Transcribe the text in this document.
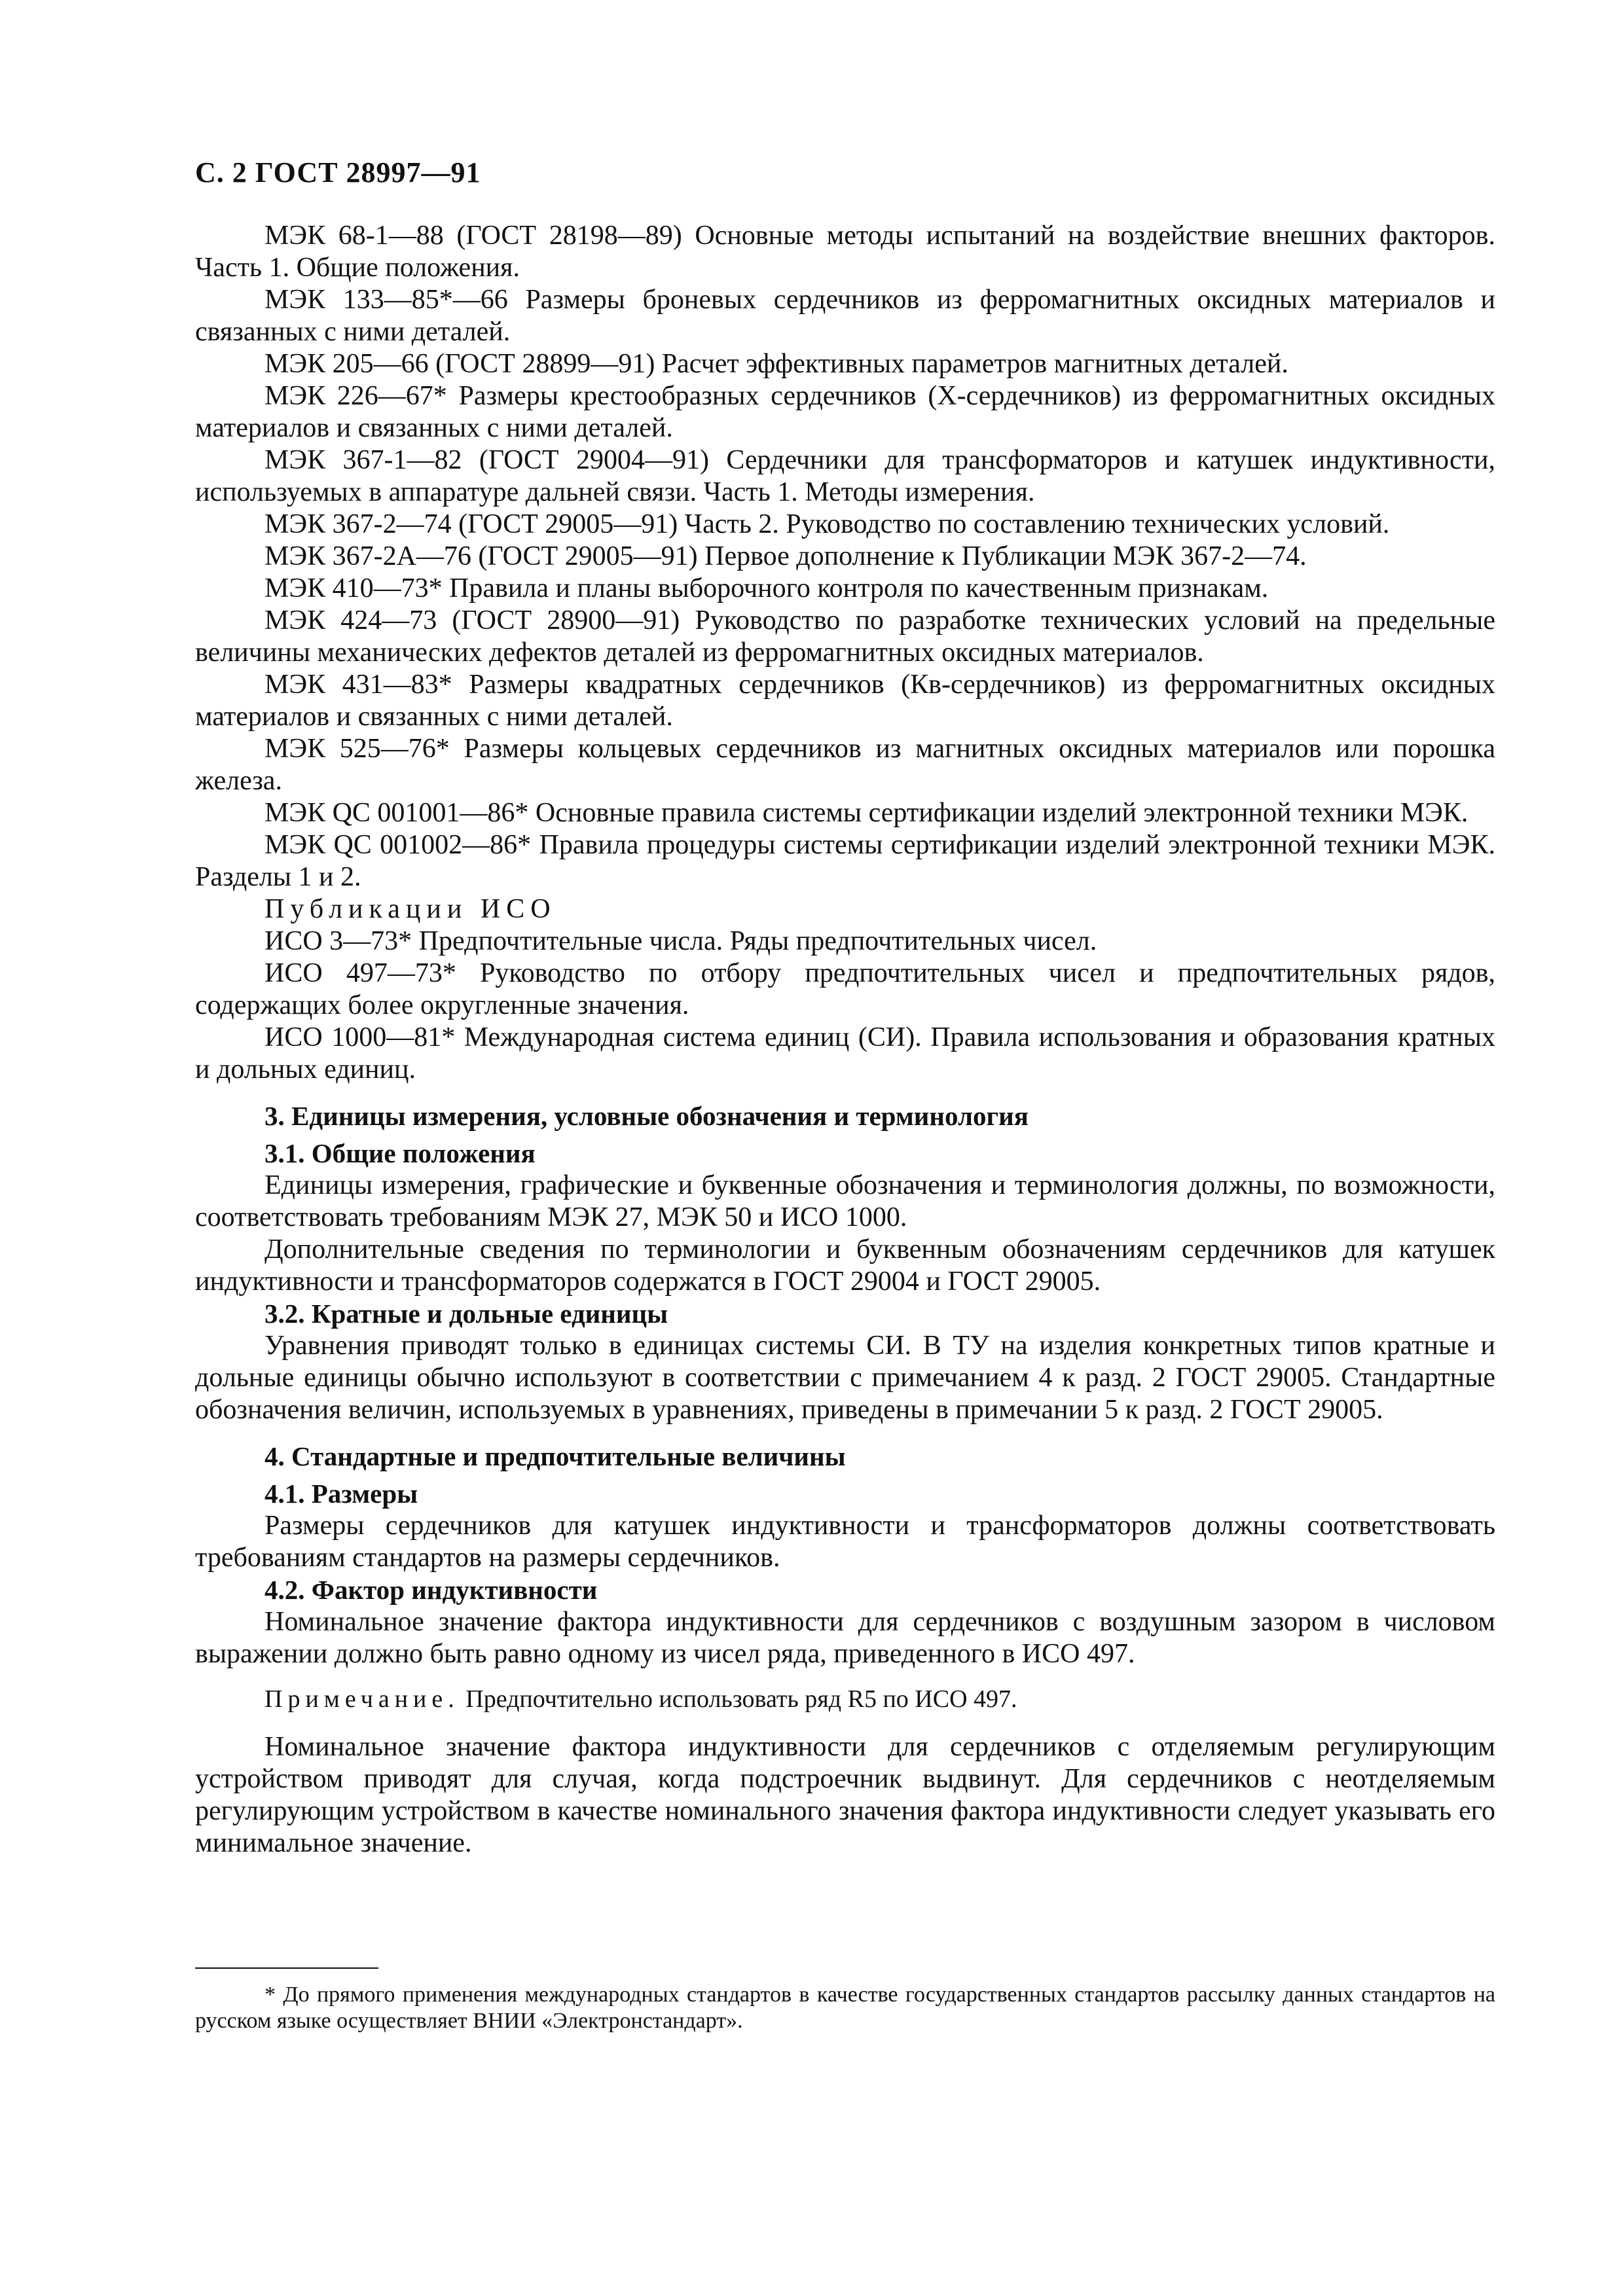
С. 2 ГОСТ 28997—91

МЭК 68-1—88 (ГОСТ 28198—89) Основные методы испытаний на воздействие внешних факторов. Часть 1. Общие положения.

МЭК 133—85*—66 Размеры броневых сердечников из ферромагнитных оксидных материалов и связанных с ними деталей.

МЭК 205—66 (ГОСТ 28899—91) Расчет эффективных параметров магнитных деталей.

МЭК 226—67* Размеры крестообразных сердечников (Х-сердечников) из ферромагнитных оксидных материалов и связанных с ними деталей.

МЭК 367-1—82 (ГОСТ 29004—91) Сердечники для трансформаторов и катушек индуктивности, используемых в аппаратуре дальней связи. Часть 1. Методы измерения.

МЭК 367-2—74 (ГОСТ 29005—91) Часть 2. Руководство по составлению технических условий.

МЭК 367-2А—76 (ГОСТ 29005—91) Первое дополнение к Публикации МЭК 367-2—74.

МЭК 410—73* Правила и планы выборочного контроля по качественным признакам.

МЭК 424—73 (ГОСТ 28900—91) Руководство по разработке технических условий на предельные величины механических дефектов деталей из ферромагнитных оксидных материалов.

МЭК 431—83* Размеры квадратных сердечников (Кв-сердечников) из ферромагнитных оксидных материалов и связанных с ними деталей.

МЭК 525—76* Размеры кольцевых сердечников из магнитных оксидных материалов или порошка железа.

МЭК QC 001001—86* Основные правила системы сертификации изделий электронной техники МЭК.

МЭК QC 001002—86* Правила процедуры системы сертификации изделий электронной техники МЭК. Разделы 1 и 2.

Публикации ИСО

ИСО 3—73* Предпочтительные числа. Ряды предпочтительных чисел.

ИСО 497—73* Руководство по отбору предпочтительных чисел и предпочтительных рядов, содержащих более округленные значения.

ИСО 1000—81* Международная система единиц (СИ). Правила использования и образования кратных и дольных единиц.

3. Единицы измерения, условные обозначения и терминология

3.1. Общие положения

Единицы измерения, графические и буквенные обозначения и терминология должны, по возможности, соответствовать требованиям МЭК 27, МЭК 50 и ИСО 1000.

Дополнительные сведения по терминологии и буквенным обозначениям сердечников для катушек индуктивности и трансформаторов содержатся в ГОСТ 29004 и ГОСТ 29005.

3.2. Кратные и дольные единицы

Уравнения приводят только в единицах системы СИ. В ТУ на изделия конкретных типов кратные и дольные единицы обычно используют в соответствии с примечанием 4 к разд. 2 ГОСТ 29005. Стандартные обозначения величин, используемых в уравнениях, приведены в примечании 5 к разд. 2 ГОСТ 29005.

4. Стандартные и предпочтительные величины

4.1. Размеры

Размеры сердечников для катушек индуктивности и трансформаторов должны соответствовать требованиям стандартов на размеры сердечников.

4.2. Фактор индуктивности

Номинальное значение фактора индуктивности для сердечников с воздушным зазором в числовом выражении должно быть равно одному из чисел ряда, приведенного в ИСО 497.

Примечание. Предпочтительно использовать ряд R5 по ИСО 497.

Номинальное значение фактора индуктивности для сердечников с отделяемым регулирующим устройством приводят для случая, когда подстроечник выдвинут. Для сердечников с неотделяемым регулирующим устройством в качестве номинального значения фактора индуктивности следует указывать его минимальное значение.

* До прямого применения международных стандартов в качестве государственных стандартов рассылку данных стандартов на русском языке осуществляет ВНИИ «Электронстандарт».
